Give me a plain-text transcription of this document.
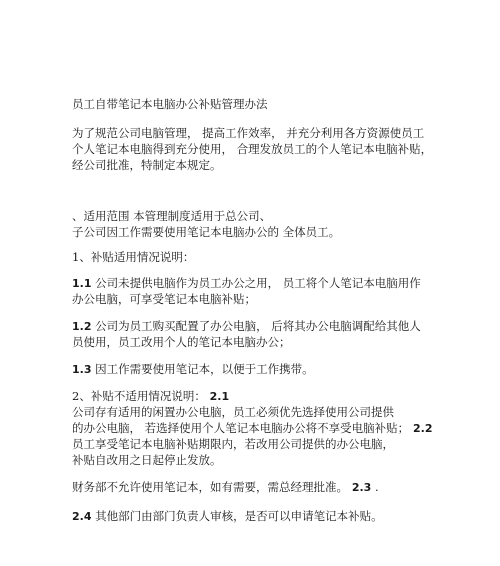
员工自带笔记本电脑办公补贴管理办法
为了规范公司电脑管理， 提高工作效率， 并充分利用各方资源使员工
个人笔记本电脑得到充分使用， 合理发放员工的个人笔记本电脑补贴，
经公司批准，特制定本规定。
、适用范围 本管理制度适用于总公司、
子公司因工作需要使用笔记本电脑办公的 全体员工。
1、补贴适用情况说明：
1.1 公司未提供电脑作为员工办公之用， 员工将个人笔记本电脑用作
办公电脑，可享受笔记本电脑补贴；
1.2 公司为员工购买配置了办公电脑， 后将其办公电脑调配给其他人
员使用，员工改用个人的笔记本电脑办公；
1.3 因工作需要使用笔记本，以便于工作携带。
2、补贴不适用情况说明： 2.1
公司存有适用的闲置办公电脑，员工必须优先选择使用公司提供
的办公电脑， 若选择使用个人笔记本电脑办公将不享受电脑补贴； 2.2
员工享受笔记本电脑补贴期限内，若改用公司提供的办公电脑，
补贴自改用之日起停止发放。
财务部不允许使用笔记本，如有需要，需总经理批准。 2.3 .
2.4 其他部门由部门负责人审核，是否可以申请笔记本补贴。
